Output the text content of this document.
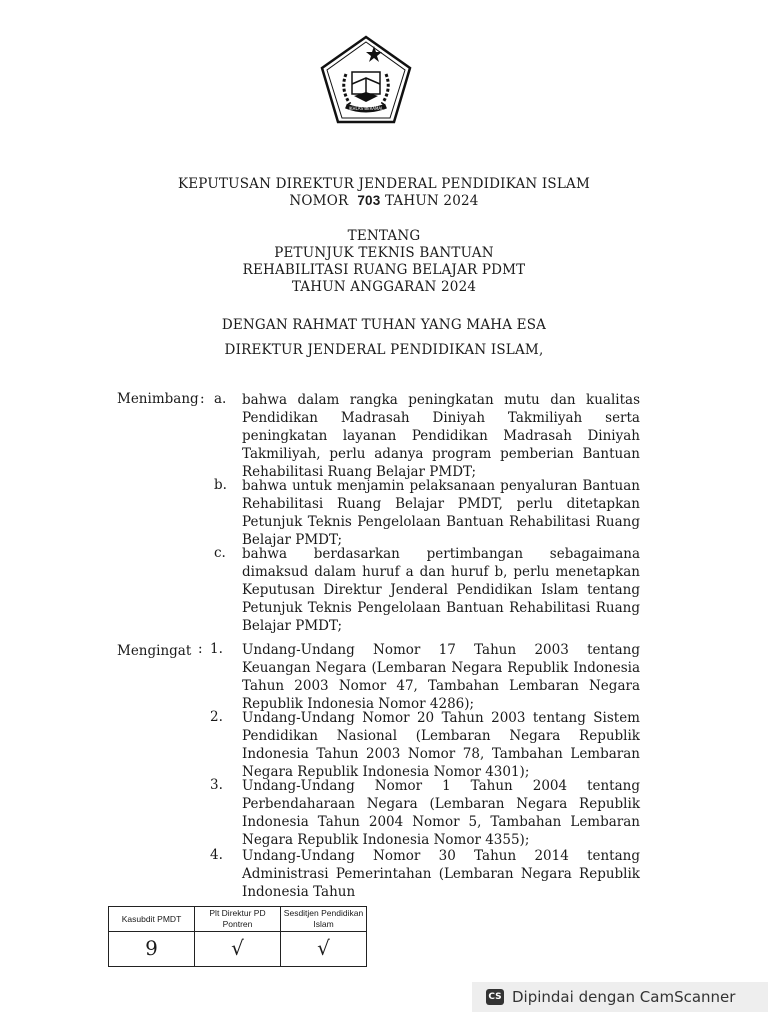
IKHLAS BERAMAL
KEPUTUSAN DIREKTUR JENDERAL PENDIDIKAN ISLAM
NOMOR 703 TAHUN 2024
TENTANG
PETUNJUK TEKNIS BANTUAN
REHABILITASI RUANG BELAJAR PDMT
TAHUN ANGGARAN 2024
DENGAN RAHMAT TUHAN YANG MAHA ESA
DIREKTUR JENDERAL PENDIDIKAN ISLAM,
Menimbang : a. bahwa dalam rangka peningkatan mutu dan kualitas Pendidikan Madrasah Diniyah Takmiliyah serta peningkatan layanan Pendidikan Madrasah Diniyah Takmiliyah, perlu adanya program pemberian Bantuan Rehabilitasi Ruang Belajar PMDT;
b. bahwa untuk menjamin pelaksanaan penyaluran Bantuan Rehabilitasi Ruang Belajar PMDT, perlu ditetapkan Petunjuk Teknis Pengelolaan Bantuan Rehabilitasi Ruang Belajar PMDT;
c. bahwa berdasarkan pertimbangan sebagaimana dimaksud dalam huruf a dan huruf b, perlu menetapkan Keputusan Direktur Jenderal Pendidikan Islam tentang Petunjuk Teknis Pengelolaan Bantuan Rehabilitasi Ruang Belajar PMDT;
Mengingat : 1. Undang-Undang Nomor 17 Tahun 2003 tentang Keuangan Negara (Lembaran Negara Republik Indonesia Tahun 2003 Nomor 47, Tambahan Lembaran Negara Republik Indonesia Nomor 4286);
2. Undang-Undang Nomor 20 Tahun 2003 tentang Sistem Pendidikan Nasional (Lembaran Negara Republik Indonesia Tahun 2003 Nomor 78, Tambahan Lembaran Negara Republik Indonesia Nomor 4301);
3. Undang-Undang Nomor 1 Tahun 2004 tentang Perbendaharaan Negara (Lembaran Negara Republik Indonesia Tahun 2004 Nomor 5, Tambahan Lembaran Negara Republik Indonesia Nomor 4355);
4. Undang-Undang Nomor 30 Tahun 2014 tentang Administrasi Pemerintahan (Lembaran Negara Republik Indonesia Tahun
Kasubdit PMDT	Plt Direktur PD Pontren	Sesditjen Pendidikan Islam
9	√	√
CS Dipindai dengan CamScanner
